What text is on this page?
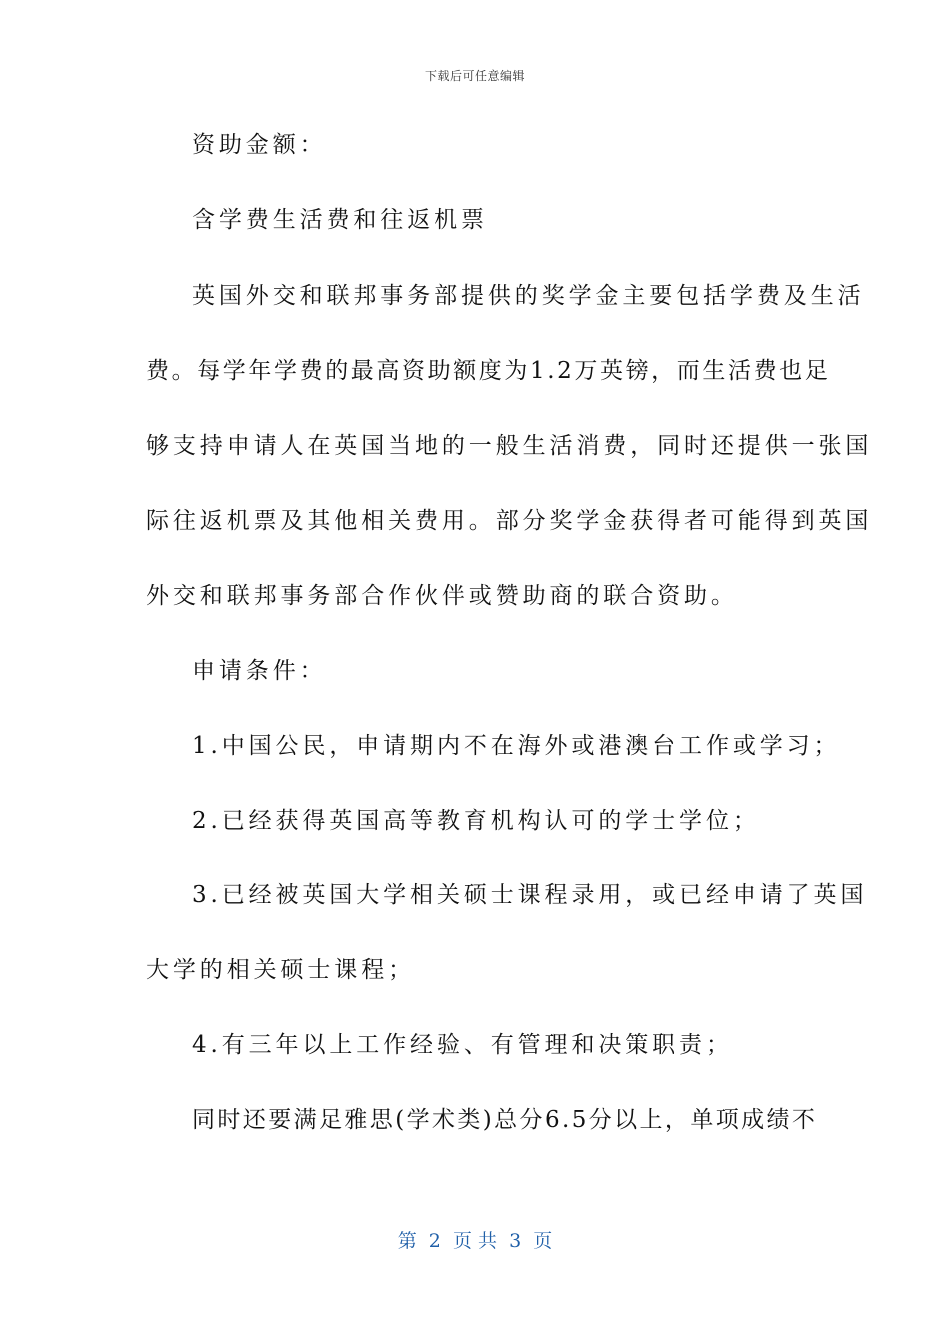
下载后可任意编辑
资助金额：
含学费生活费和往返机票
英国外交和联邦事务部提供的奖学金主要包括学费及生活
费。每学年学费的最高资助额度为1.2万英镑，而生活费也足
够支持申请人在英国当地的一般生活消费，同时还提供一张国
际往返机票及其他相关费用。部分奖学金获得者可能得到英国
外交和联邦事务部合作伙伴或赞助商的联合资助。
申请条件：
1.中国公民，申请期内不在海外或港澳台工作或学习；
2.已经获得英国高等教育机构认可的学士学位；
3.已经被英国大学相关硕士课程录用，或已经申请了英国
大学的相关硕士课程；
4.有三年以上工作经验、有管理和决策职责；
同时还要满足雅思(学术类)总分6.5分以上，单项成绩不
第  2  页 共  3  页
